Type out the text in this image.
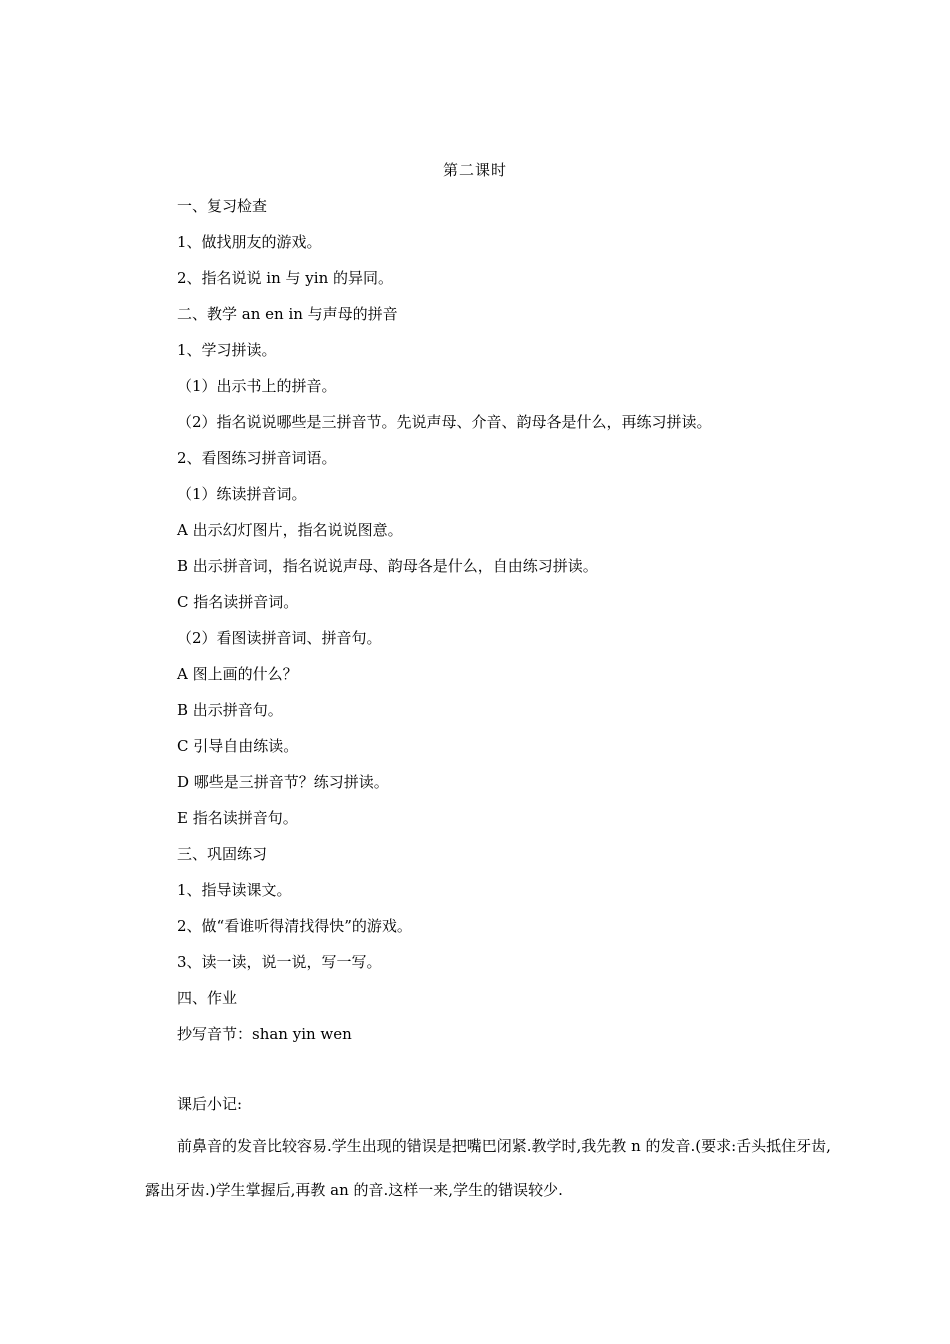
第二课时
一、复习检查
1、做找朋友的游戏。
2、指名说说 in 与 yin 的异同。
二、教学 an en in 与声母的拼音
1、学习拼读。
（1）出示书上的拼音。
（2）指名说说哪些是三拼音节。先说声母、介音、韵母各是什么，再练习拼读。
2、看图练习拼音词语。
（1）练读拼音词。
A 出示幻灯图片，指名说说图意。
B 出示拼音词，指名说说声母、韵母各是什么，自由练习拼读。
C 指名读拼音词。
（2）看图读拼音词、拼音句。
A 图上画的什么？
B 出示拼音句。
C 引导自由练读。
D 哪些是三拼音节？练习拼读。
E 指名读拼音句。
三、巩固练习
1、指导读课文。
2、做“看谁听得清找得快”的游戏。
3、读一读，说一说，写一写。
四、作业
抄写音节：shan yin wen
课后小记:

前鼻音的发音比较容易.学生出现的错误是把嘴巴闭紧.教学时,我先教 n 的发音.(要求:舌头抵住牙齿,露出牙齿.)学生掌握后,再教 an 的音.这样一来,学生的错误较少.
